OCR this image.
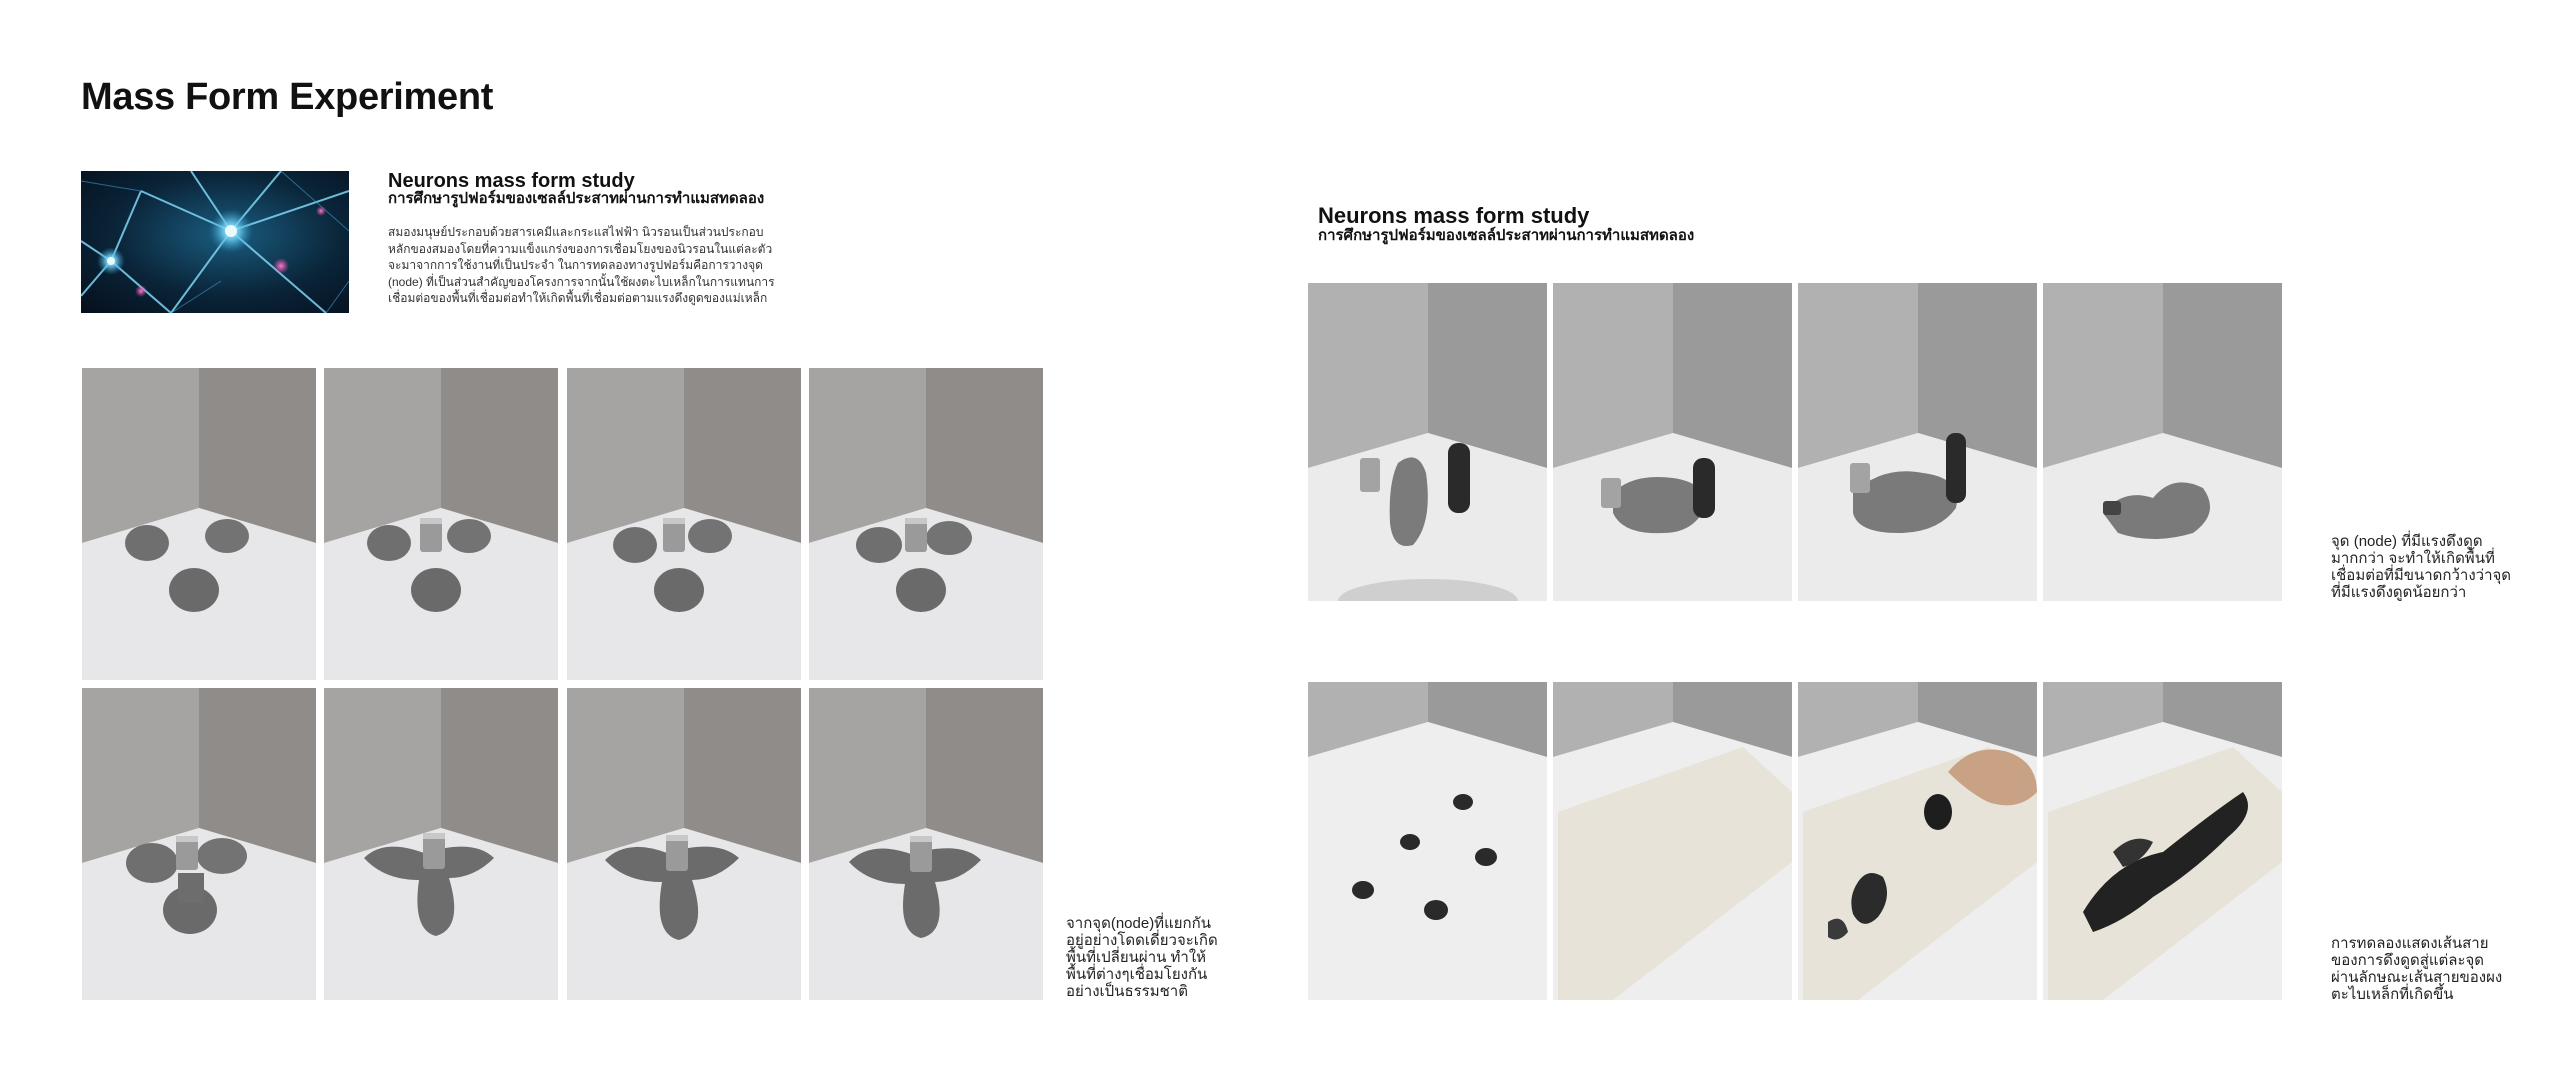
Mass Form Experiment
Neurons mass form study
การศึกษารูปฟอร์มของเซลล์ประสาทผ่านการทำแมสทดลอง
สมองมนุษย์ประกอบด้วยสารเคมีและกระแสไฟฟ้า นิวรอนเป็นส่วนประกอบ
หลักของสมองโดยที่ความแข็งแกร่งของการเชื่อมโยงของนิวรอนในแต่ละตัว
จะมาจากการใช้งานที่เป็นประจำ ในการทดลองทางรูปฟอร์มคือการวางจุด
(node) ที่เป็นส่วนสำคัญของโครงการจากนั้นใช้ผงตะไบเหล็กในการแทนการ
เชื่อมต่อของพื้นที่เชื่อมต่อทำให้เกิดพื้นที่เชื่อมต่อตามแรงดึงดูดของแม่เหล็ก
จากจุด(node)ที่แยกกัน
อยู่อย่างโดดเดี่ยวจะเกิด
พื้นที่เปลี่ยนผ่าน ทำให้
พื้นที่ต่างๆเชื่อมโยงกัน
อย่างเป็นธรรมชาติ
Neurons mass form study
การศึกษารูปฟอร์มของเซลล์ประสาทผ่านการทำแมสทดลอง
จุด (node) ที่มีแรงดึงดูด
มากกว่า จะทำให้เกิดพื้นที่
เชื่อมต่อที่มีขนาดกว้างว่าจุด
ที่มีแรงดึงดูดน้อยกว่า
การทดลองแสดงเส้นสาย
ของการดึงดูดสู่แต่ละจุด
ผ่านลักษณะเส้นสายของผง
ตะไบเหล็กที่เกิดขึ้น
